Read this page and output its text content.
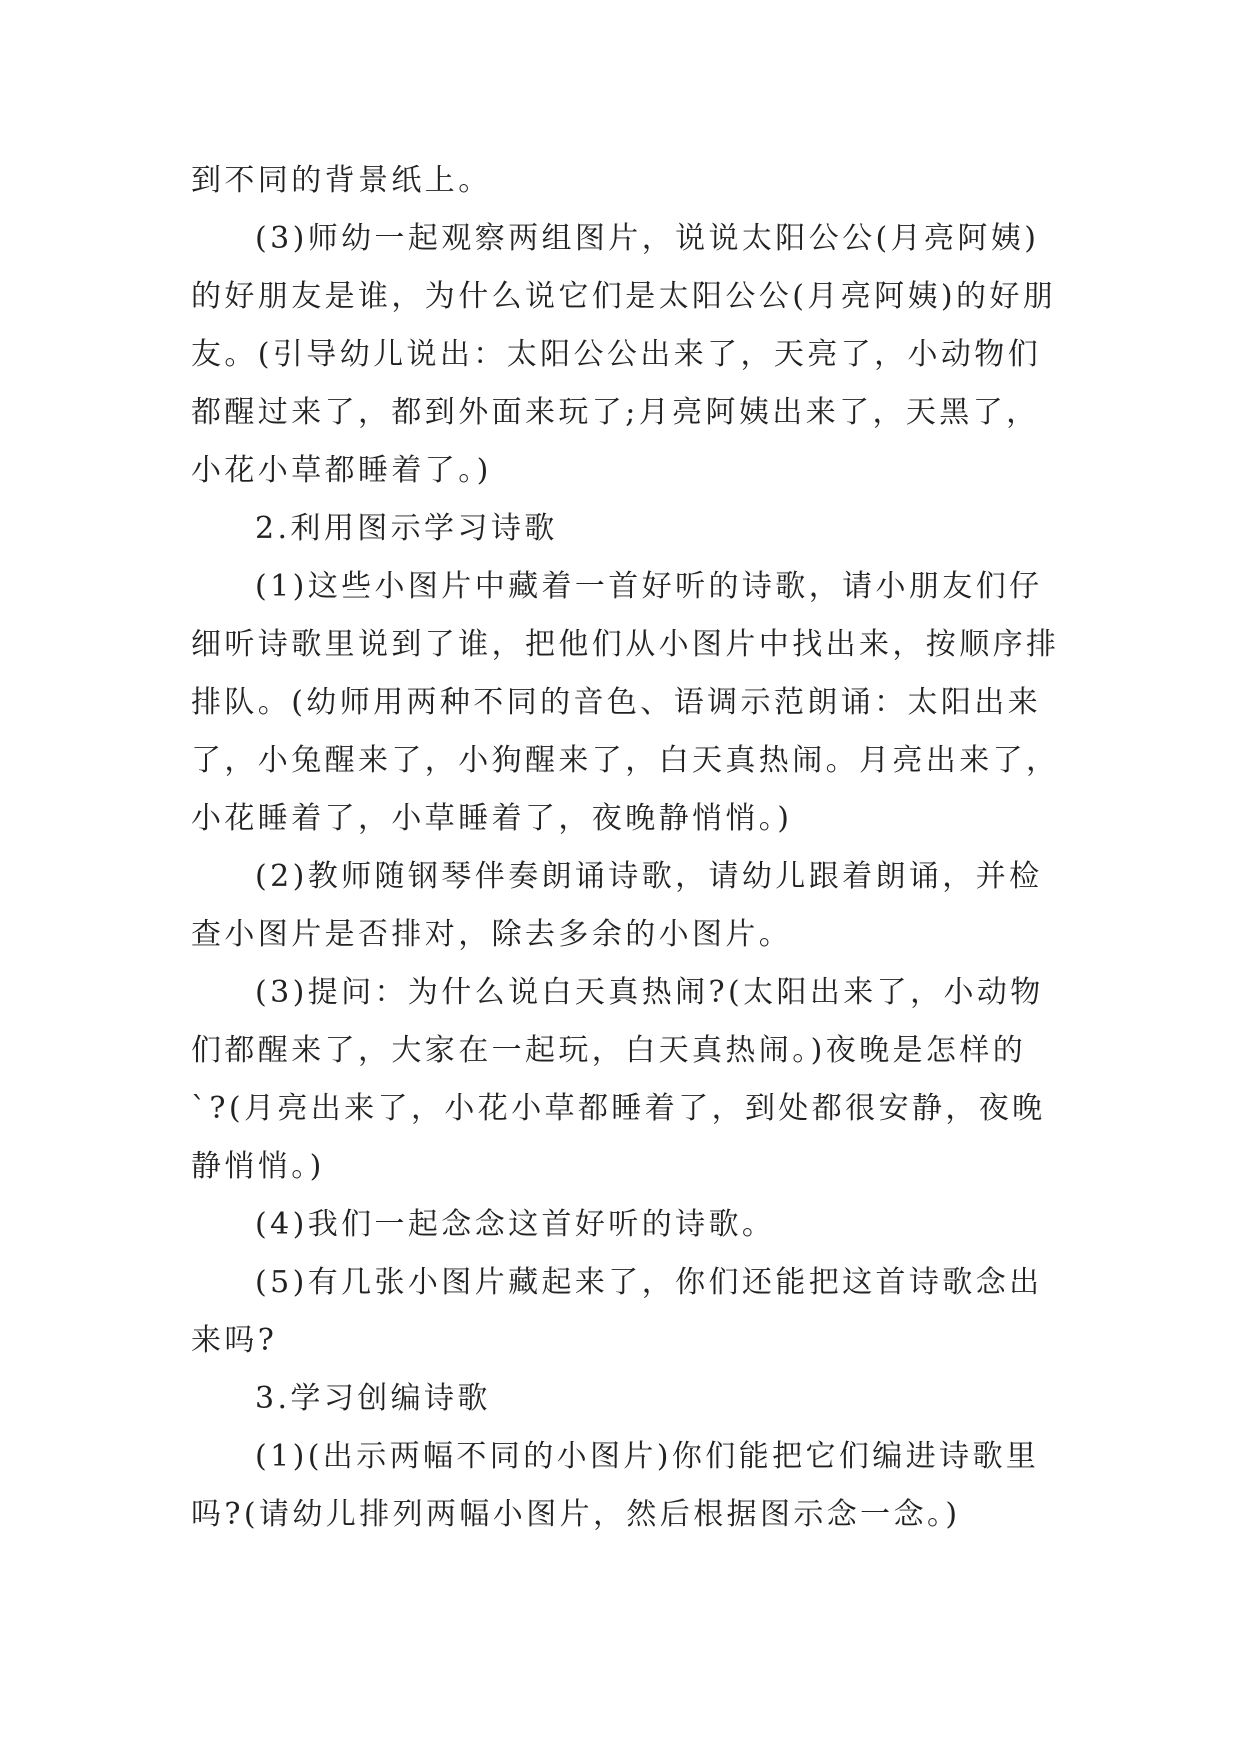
到不同的背景纸上。
(3)师幼一起观察两组图片，说说太阳公公(月亮阿姨)
的好朋友是谁，为什么说它们是太阳公公(月亮阿姨)的好朋
友。(引导幼儿说出：太阳公公出来了，天亮了，小动物们
都醒过来了，都到外面来玩了;月亮阿姨出来了，天黑了，
小花小草都睡着了。)
2.利用图示学习诗歌
(1)这些小图片中藏着一首好听的诗歌，请小朋友们仔
细听诗歌里说到了谁，把他们从小图片中找出来，按顺序排
排队。(幼师用两种不同的音色、语调示范朗诵：太阳出来
了，小兔醒来了，小狗醒来了，白天真热闹。月亮出来了，
小花睡着了，小草睡着了，夜晚静悄悄。)
(2)教师随钢琴伴奏朗诵诗歌，请幼儿跟着朗诵，并检
查小图片是否排对，除去多余的小图片。
(3)提问：为什么说白天真热闹?(太阳出来了，小动物
们都醒来了，大家在一起玩，白天真热闹。)夜晚是怎样的
`?(月亮出来了，小花小草都睡着了，到处都很安静，夜晚
静悄悄。)
(4)我们一起念念这首好听的诗歌。
(5)有几张小图片藏起来了，你们还能把这首诗歌念出
来吗?
3.学习创编诗歌
(1)(出示两幅不同的小图片)你们能把它们编进诗歌里
吗?(请幼儿排列两幅小图片，然后根据图示念一念。)
